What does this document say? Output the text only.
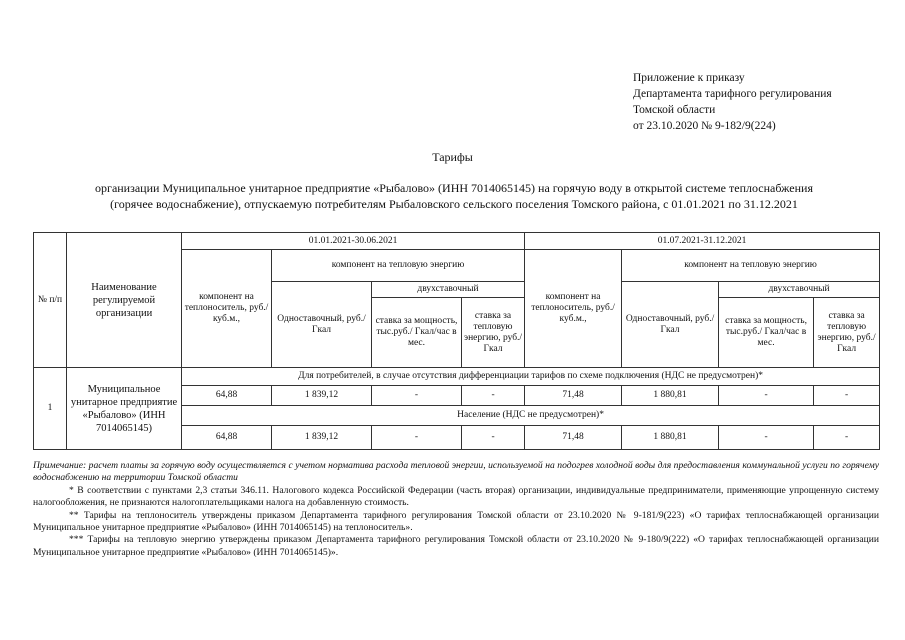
Приложение к приказу
Департамента тарифного регулирования
Томской области
от 23.10.2020 № 9-182/9(224)
Тарифы
организации Муниципальное унитарное предприятие «Рыбалово» (ИНН 7014065145) на горячую воду в открытой системе теплоснабжения
(горячее водоснабжение), отпускаемую потребителям Рыбаловского сельского поселения Томского района, с 01.01.2021 по 31.12.2021
№ п/п	Наименование регулируемой организации	01.01.2021-30.06.2021				01.07.2021-31.12.2021			
		компонент на теплоноситель, руб./куб.м.,	компонент на тепловую энергию			компонент на теплоноситель, руб./куб.м.,	компонент на тепловую энергию		
			Одноставочный, руб./Гкал	двухставочный			Одноставочный, руб./Гкал	двухставочный	
				ставка за мощность, тыс.руб./ Гкал/час в мес.	ставка за тепловую энергию, руб./Гкал			ставка за мощность, тыс.руб./ Гкал/час в мес.	ставка за тепловую энергию, руб./Гкал
1	Муниципальное унитарное предприятие «Рыбалово» (ИНН 7014065145)	Для потребителей, в случае отсутствия дифференциации тарифов по схеме подключения (НДС не предусмотрен)*							
		64,88	1 839,12	-	-	71,48	1 880,81	-	-
		Население (НДС не предусмотрен)*							
		64,88	1 839,12	-	-	71,48	1 880,81	-	-

Примечание: расчет платы за горячую воду осуществляется с учетом норматива расхода тепловой энергии, используемой на подогрев холодной воды для предоставления коммунальной услуги по горячему водоснабжению на территории Томской области

* В соответствии с пунктами 2,3 статьи 346.11. Налогового кодекса Российской Федерации (часть вторая) организации, индивидуальные предприниматели, применяющие упрощенную систему налогообложения, не признаются налогоплательщиками налога на добавленную стоимость.

** Тарифы на теплоноситель утверждены приказом Департамента тарифного регулирования Томской области от 23.10.2020 № 9-181/9(223) «О тарифах теплоснабжающей организации Муниципальное унитарное предприятие «Рыбалово» (ИНН 7014065145) на теплоноситель».

*** Тарифы на тепловую энергию утверждены приказом Департамента тарифного регулирования Томской области от 23.10.2020 № 9-180/9(222) «О тарифах теплоснабжающей организации Муниципальное унитарное предприятие «Рыбалово» (ИНН 7014065145)».
